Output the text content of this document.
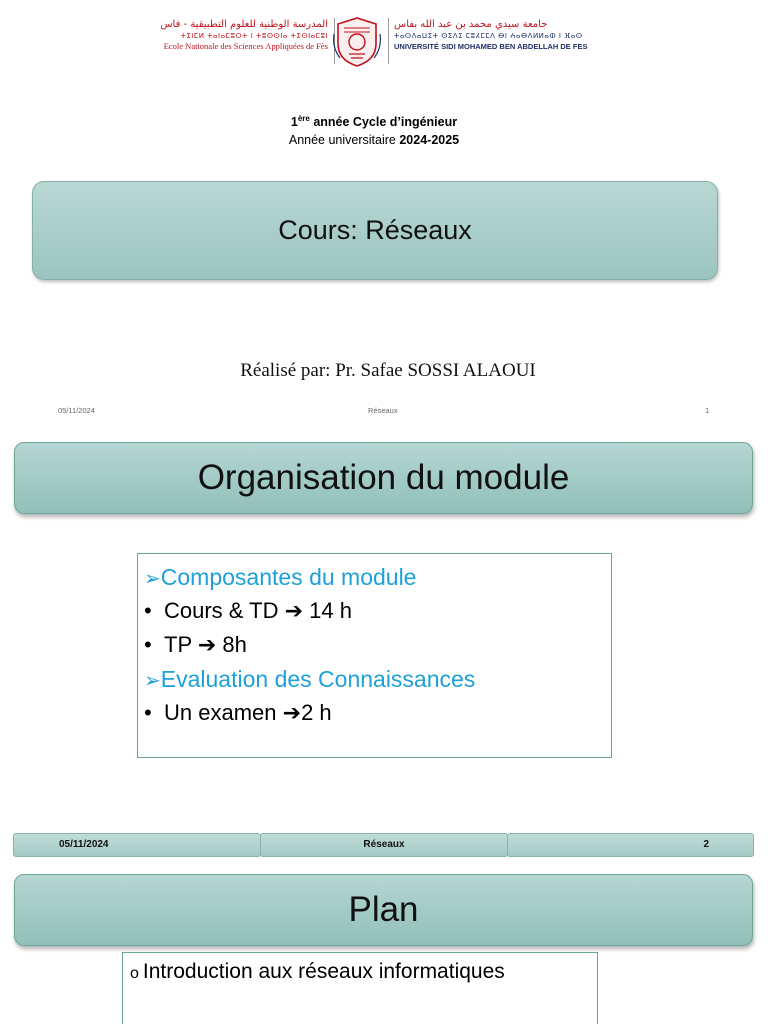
المدرسة الوطنية للعلوم التطبيقية - فاس
ⵜⵉⵏⵎⵍ ⵜⴰⵏⴰⵎⵓⵔⵜ ⵏ ⵜⵓⵙⵙⵏⴰ ⵜⵉⵙⵏⴰⵎⵓⵏ
Ecole Nationale des Sciences Appliquées de Fès
جامعة سيدي محمد بن عبد الله بفاس
ⵜⴰⵙⴷⴰⵡⵉⵜ ⵙⵉⴷⵉ ⵎⵓⵃⵎⵎⴷ ⴱⵏ ⵄⴰⴱⴷⵍⵍⴰⵀ ⵏ ⴼⴰⵙ
UNIVERSITÉ SIDI MOHAMED BEN ABDELLAH DE FES
1ère année Cycle d’ingénieur
Année universitaire 2024-2025
Cours: Réseaux
Réalisé par: Pr. Safae SOSSI ALAOUI
05/11/2024	Réseaux	1
Organisation du module
➢Composantes du module
• Cours & TD ➔ 14 h
• TP ➔ 8h
➢Evaluation des Connaissances
• Un examen ➔2 h
05/11/2024	Réseaux	2
Plan
o Introduction aux réseaux informatiques
